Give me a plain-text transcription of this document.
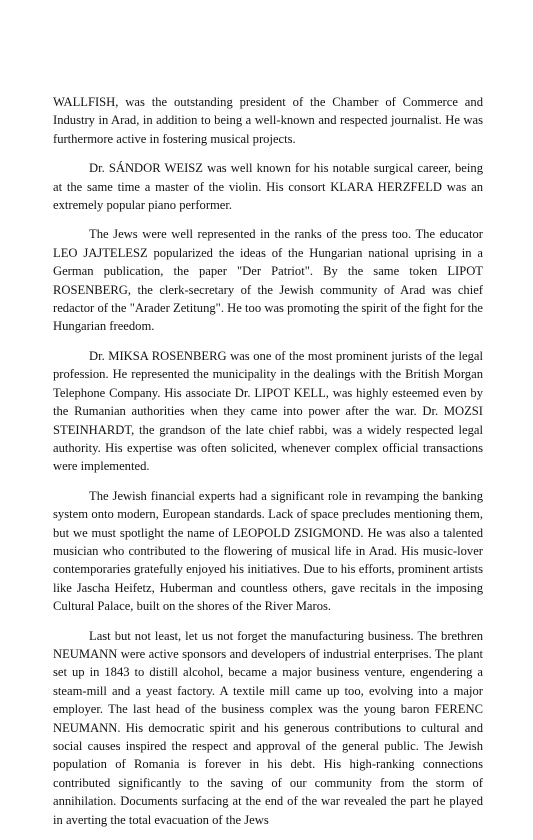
WALLFISH, was the outstanding president of the Chamber of Commerce and Industry in Arad, in addition to being a well-known and respected journalist. He was furthermore active in fostering musical projects.

Dr. SÁNDOR WEISZ was well known for his notable surgical career, being at the same time a master of the violin. His consort KLARA HERZFELD was an extremely popular piano performer.

The Jews were well represented in the ranks of the press too. The educator LEO JAJTELESZ popularized the ideas of the Hungarian national uprising in a German publication, the paper "Der Patriot". By the same token LIPOT ROSENBERG, the clerk-secretary of the Jewish community of Arad was chief redactor of the "Arader Zetitung". He too was promoting the spirit of the fight for the Hungarian freedom.

Dr. MIKSA ROSENBERG was one of the most prominent jurists of the legal profession. He represented the municipality in the dealings with the British Morgan Telephone Company. His associate Dr. LIPOT KELL, was highly esteemed even by the Rumanian authorities when they came into power after the war. Dr. MOZSI STEINHARDT, the grandson of the late chief rabbi, was a widely respected legal authority. His expertise was often solicited, whenever complex official transactions were implemented.

The Jewish financial experts had a significant role in revamping the banking system onto modern, European standards. Lack of space precludes mentioning them, but we must spotlight the name of LEOPOLD ZSIGMOND. He was also a talented musician who contributed to the flowering of musical life in Arad. His music-lover contemporaries gratefully enjoyed his initiatives. Due to his efforts, prominent artists like Jascha Heifetz, Huberman and countless others, gave recitals in the imposing Cultural Palace, built on the shores of the River Maros.

Last but not least, let us not forget the manufacturing business. The brethren NEUMANN were active sponsors and developers of industrial enterprises. The plant set up in 1843 to distill alcohol, became a major business venture, engendering a steam-mill and a yeast factory. A textile mill came up too, evolving into a major employer. The last head of the business complex was the young baron FERENC NEUMANN. His democratic spirit and his generous contributions to cultural and social causes inspired the respect and approval of the general public. The Jewish population of Romania is forever in his debt. His high-ranking connections contributed significantly to the saving of our community from the storm of annihilation. Documents surfacing at the end of the war revealed the part he played in averting the total evacuation of the Jews
